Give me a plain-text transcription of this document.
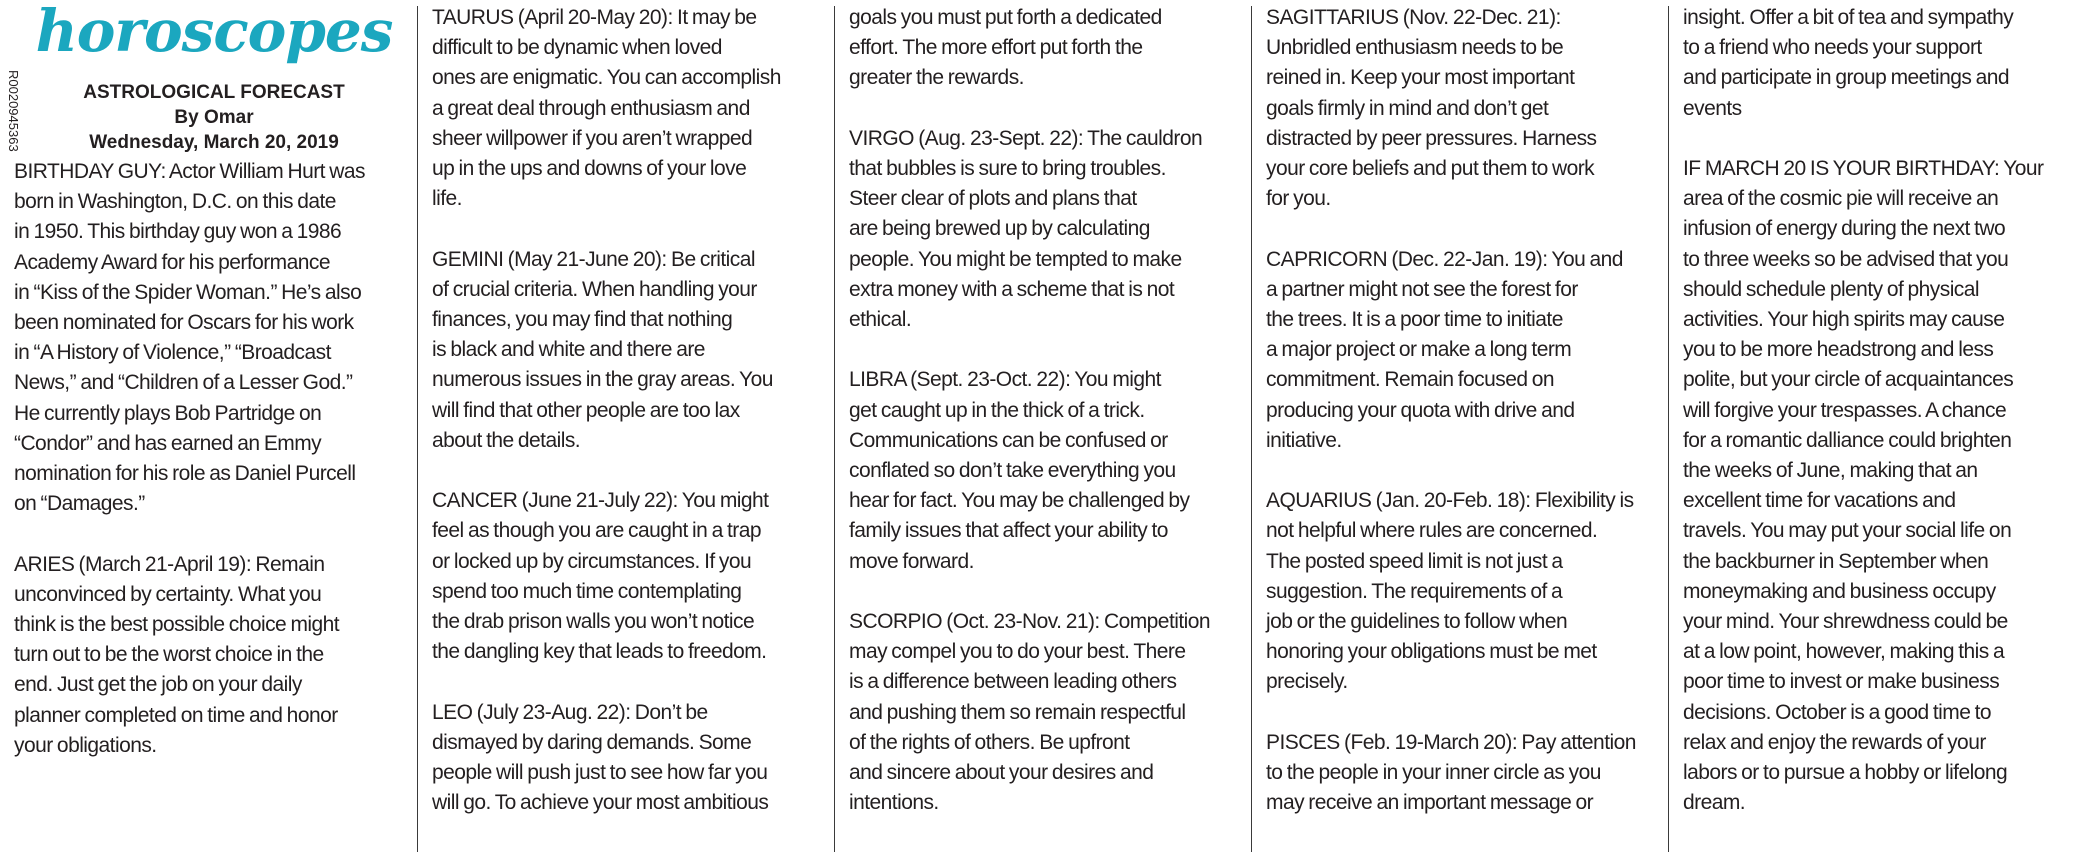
R0020945363
horoscopes
ASTROLOGICAL FORECAST
By Omar
Wednesday, March 20, 2019
BIRTHDAY GUY: Actor William Hurt was
born in Washington, D.C. on this date
in 1950. This birthday guy won a 1986
Academy Award for his performance
in “Kiss of the Spider Woman.” He’s also
been nominated for Oscars for his work
in “A History of Violence,” “Broadcast
News,” and “Children of a Lesser God.”
He currently plays Bob Partridge on
“Condor” and has earned an Emmy
nomination for his role as Daniel Purcell
on “Damages.”

ARIES (March 21-April 19): Remain
unconvinced by certainty. What you
think is the best possible choice might
turn out to be the worst choice in the
end. Just get the job on your daily
planner completed on time and honor
your obligations.
TAURUS (April 20-May 20): It may be
difficult to be dynamic when loved
ones are enigmatic. You can accomplish
a great deal through enthusiasm and
sheer willpower if you aren’t wrapped
up in the ups and downs of your love
life.

GEMINI (May 21-June 20): Be critical
of crucial criteria. When handling your
finances, you may find that nothing
is black and white and there are
numerous issues in the gray areas. You
will find that other people are too lax
about the details.

CANCER (June 21-July 22): You might
feel as though you are caught in a trap
or locked up by circumstances. If you
spend too much time contemplating
the drab prison walls you won’t notice
the dangling key that leads to freedom.

LEO (July 23-Aug. 22): Don’t be
dismayed by daring demands. Some
people will push just to see how far you
will go. To achieve your most ambitious
goals you must put forth a dedicated
effort. The more effort put forth the
greater the rewards.

VIRGO (Aug. 23-Sept. 22): The cauldron
that bubbles is sure to bring troubles.
Steer clear of plots and plans that
are being brewed up by calculating
people. You might be tempted to make
extra money with a scheme that is not
ethical.

LIBRA (Sept. 23-Oct. 22): You might
get caught up in the thick of a trick.
Communications can be confused or
conflated so don’t take everything you
hear for fact. You may be challenged by
family issues that affect your ability to
move forward.

SCORPIO (Oct. 23-Nov. 21): Competition
may compel you to do your best. There
is a difference between leading others
and pushing them so remain respectful
of the rights of others. Be upfront
and sincere about your desires and
intentions.
SAGITTARIUS (Nov. 22-Dec. 21):
Unbridled enthusiasm needs to be
reined in. Keep your most important
goals firmly in mind and don’t get
distracted by peer pressures. Harness
your core beliefs and put them to work
for you.

CAPRICORN (Dec. 22-Jan. 19): You and
a partner might not see the forest for
the trees. It is a poor time to initiate
a major project or make a long term
commitment. Remain focused on
producing your quota with drive and
initiative.

AQUARIUS (Jan. 20-Feb. 18): Flexibility is
not helpful where rules are concerned.
The posted speed limit is not just a
suggestion. The requirements of a
job or the guidelines to follow when
honoring your obligations must be met
precisely.

PISCES (Feb. 19-March 20): Pay attention
to the people in your inner circle as you
may receive an important message or
insight. Offer a bit of tea and sympathy
to a friend who needs your support
and participate in group meetings and
events

IF MARCH 20 IS YOUR BIRTHDAY: Your
area of the cosmic pie will receive an
infusion of energy during the next two
to three weeks so be advised that you
should schedule plenty of physical
activities. Your high spirits may cause
you to be more headstrong and less
polite, but your circle of acquaintances
will forgive your trespasses. A chance
for a romantic dalliance could brighten
the weeks of June, making that an
excellent time for vacations and
travels. You may put your social life on
the backburner in September when
moneymaking and business occupy
your mind. Your shrewdness could be
at a low point, however, making this a
poor time to invest or make business
decisions. October is a good time to
relax and enjoy the rewards of your
labors or to pursue a hobby or lifelong
dream.
